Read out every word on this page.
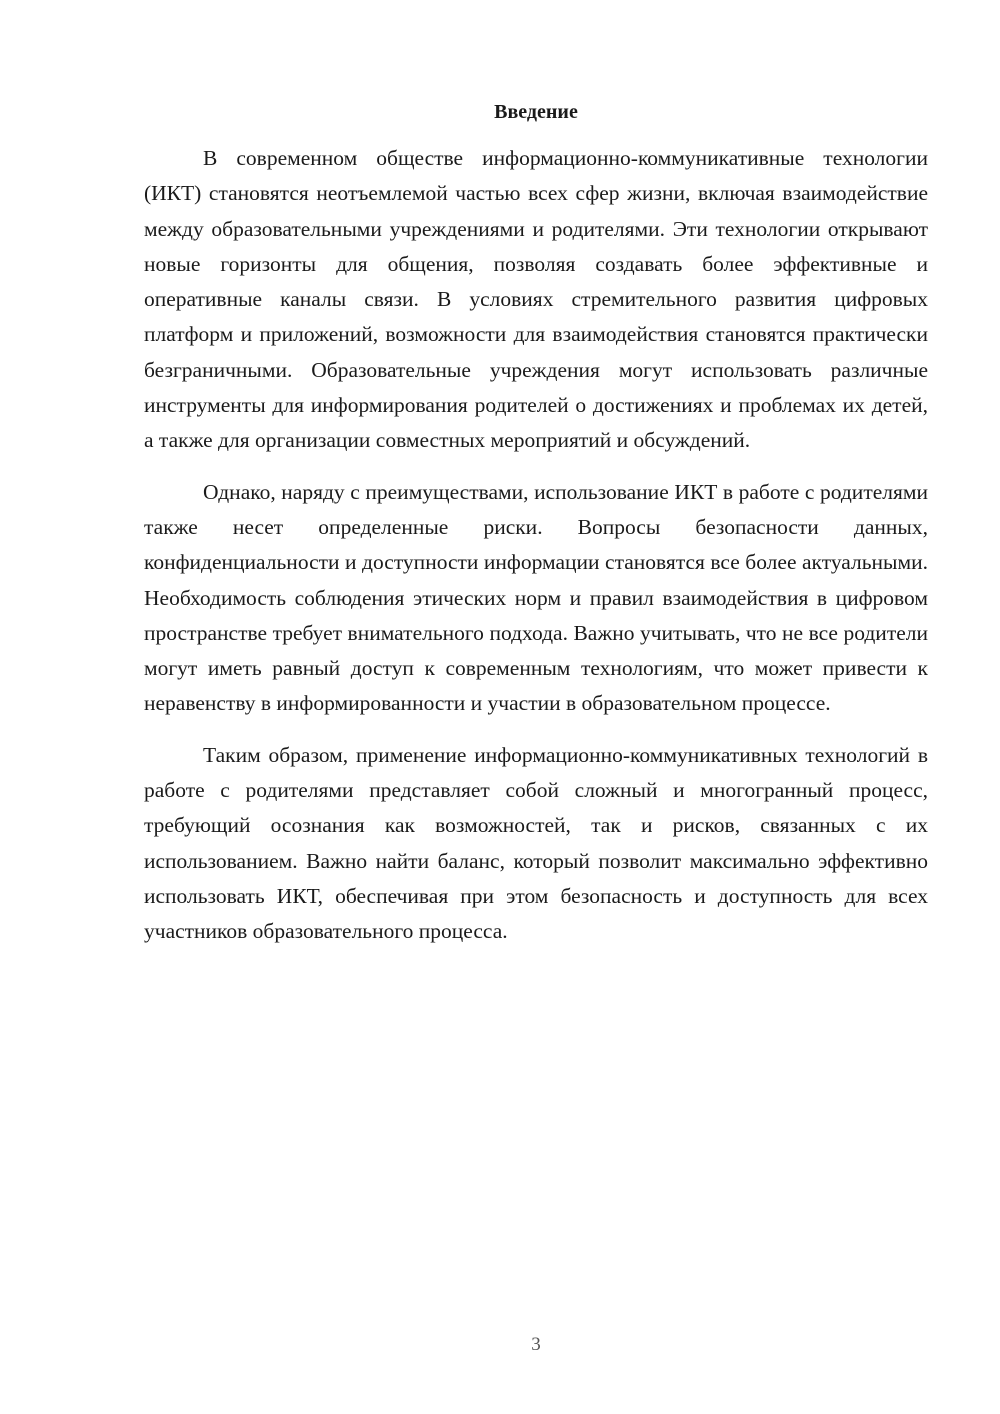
Введение

В современном обществе информационно-коммуникативные технологии (ИКТ) становятся неотъемлемой частью всех сфер жизни, включая взаимодействие между образовательными учреждениями и родителями. Эти технологии открывают новые горизонты для общения, позволяя создавать более эффективные и оперативные каналы связи. В условиях стремительного развития цифровых платформ и приложений, возможности для взаимодействия становятся практически безграничными. Образовательные учреждения могут использовать различные инструменты для информирования родителей о достижениях и проблемах их детей, а также для организации совместных мероприятий и обсуждений.

Однако, наряду с преимуществами, использование ИКТ в работе с родителями также несет определенные риски. Вопросы безопасности данных, конфиденциальности и доступности информации становятся все более актуальными. Необходимость соблюдения этических норм и правил взаимодействия в цифровом пространстве требует внимательного подхода. Важно учитывать, что не все родители могут иметь равный доступ к современным технологиям, что может привести к неравенству в информированности и участии в образовательном процессе.

Таким образом, применение информационно-коммуникативных технологий в работе с родителями представляет собой сложный и многогранный процесс, требующий осознания как возможностей, так и рисков, связанных с их использованием. Важно найти баланс, который позволит максимально эффективно использовать ИКТ, обеспечивая при этом безопасность и доступность для всех участников образовательного процесса.

3
